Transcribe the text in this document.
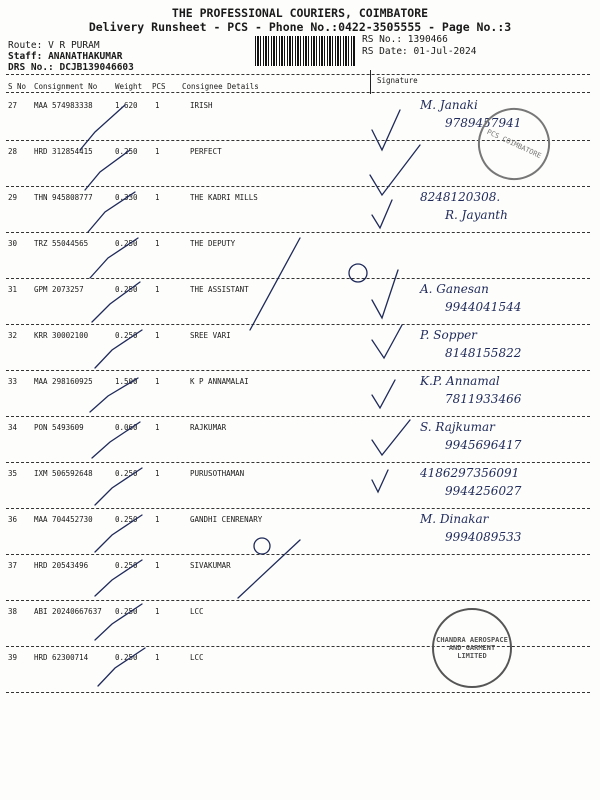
THE PROFESSIONAL COURIERS, COIMBATORE
Delivery Runsheet - PCS - Phone No.:0422-3505555 - Page No.:3
Route: V R PURAM
Staff: ANANATHAKUMAR
DRS No.: DCJB139046603
RS No.: 1390466
RS Date: 01-Jul-2024
S No Consignment No Weight PCS Consignee Details
Signature
27 MAA 574983338	1.620 1	IRISH	M. Janaki
9789457941
28 HRD 312854415	0.250 1	PERFECT
29 THN 945808777	0.330 1	THE KADRI MILLS	8248120308.
R. Jayanth
30 TRZ 55044565	0.250 1	THE DEPUTY
31 GPM 2073257	0.250 1	THE ASSISTANT	A. Ganesan
9944041544
32 KRR 30002100	0.250 1	SREE VARI	P. Sopper
8148155822
33 MAA 298160925	1.500 1	K P ANNAMALAI	K.P. Annamal
7811933466
34 PON 5493609	0.060 1	RAJKUMAR	S. Rajkumar
9945696417
35 IXM 506592648	0.250 1	PURUSOTHAMAN	4186297356091
9944256027
36 MAA 704452730	0.250 1	GANDHI CENRENARY	M. Dinakar
9994089533
37 HRD 20543496	0.250 1	SIVAKUMAR
38 ABI 20240667637 0.250 1	LCC
39 HRD 62300714	0.250 1	LCC
PCS COIMBATORE
CHANDRA AEROSPACE AND GARMENT LIMITED
